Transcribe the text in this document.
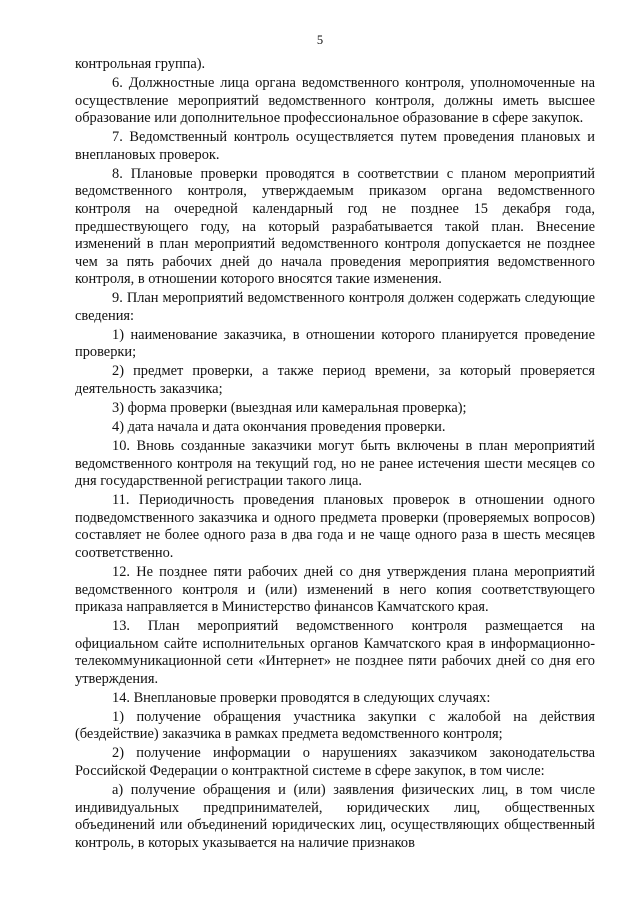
5

контрольная группа).

6. Должностные лица органа ведомственного контроля, уполномоченные на осуществление мероприятий ведомственного контроля, должны иметь высшее образование или дополнительное профессиональное образование в сфере закупок.

7. Ведомственный контроль осуществляется путем проведения плановых и внеплановых проверок.

8. Плановые проверки проводятся в соответствии с планом мероприятий ведомственного контроля, утверждаемым приказом органа ведомственного контроля на очередной календарный год не позднее 15 декабря года, предшествующего году, на который разрабатывается такой план. Внесение изменений в план мероприятий ведомственного контроля допускается не позднее чем за пять рабочих дней до начала проведения мероприятия ведомственного контроля, в отношении которого вносятся такие изменения.

9. План мероприятий ведомственного контроля должен содержать следующие сведения:

1) наименование заказчика, в отношении которого планируется проведение проверки;

2) предмет проверки, а также период времени, за который проверяется деятельность заказчика;

3) форма проверки (выездная или камеральная проверка);

4) дата начала и дата окончания проведения проверки.

10. Вновь созданные заказчики могут быть включены в план мероприятий ведомственного контроля на текущий год, но не ранее истечения шести месяцев со дня государственной регистрации такого лица.

11. Периодичность проведения плановых проверок в отношении одного подведомственного заказчика и одного предмета проверки (проверяемых вопросов) составляет не более одного раза в два года и не чаще одного раза в шесть месяцев соответственно.

12. Не позднее пяти рабочих дней со дня утверждения плана мероприятий ведомственного контроля и (или) изменений в него копия соответствующего приказа направляется в Министерство финансов Камчатского края.

13. План мероприятий ведомственного контроля размещается на официальном сайте исполнительных органов Камчатского края в информационно-телекоммуникационной сети «Интернет» не позднее пяти рабочих дней со дня его утверждения.

14. Внеплановые проверки проводятся в следующих случаях:

1) получение обращения участника закупки с жалобой на действия (бездействие) заказчика в рамках предмета ведомственного контроля;

2) получение информации о нарушениях заказчиком законодательства Российской Федерации о контрактной системе в сфере закупок, в том числе:

а) получение обращения и (или) заявления физических лиц, в том числе индивидуальных предпринимателей, юридических лиц, общественных объединений или объединений юридических лиц, осуществляющих общественный контроль, в которых указывается на наличие признаков
